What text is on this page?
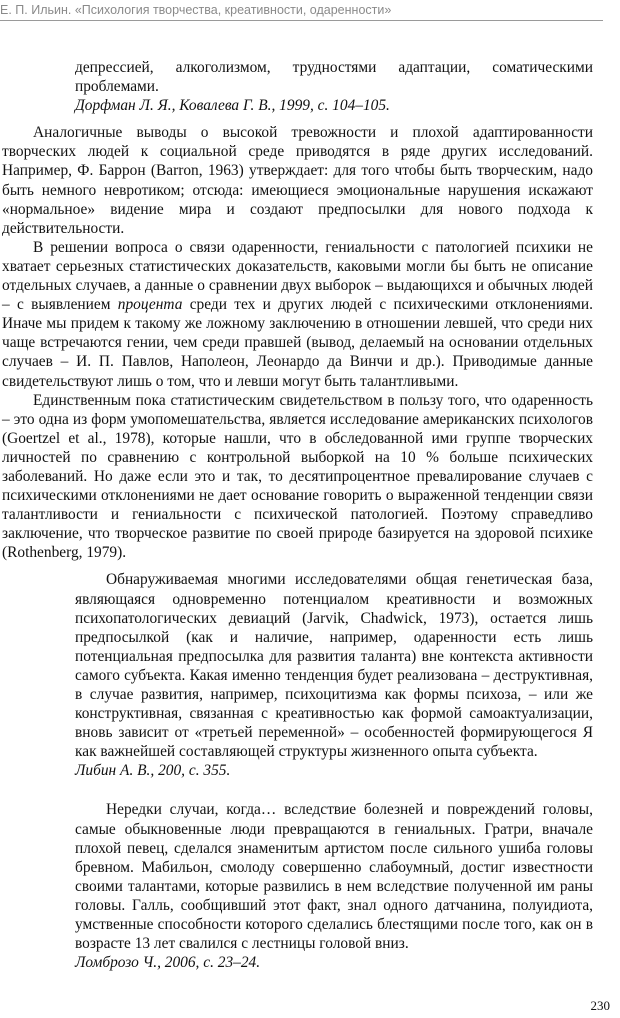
Е. П. Ильин. «Психология творчества, креативности, одаренности»

депрессией, алкоголизмом, трудностями адаптации, соматическими проблемами.

Дорфман Л. Я., Ковалева Г. В., 1999, с. 104–105.

Аналогичные выводы о высокой тревожности и плохой адаптированности творческих людей к социальной среде приводятся в ряде других исследований. Например, Ф. Баррон (Barron, 1963) утверждает: для того чтобы быть творческим, надо быть немного невротиком; отсюда: имеющиеся эмоциональные нарушения искажают «нормальное» видение мира и создают предпосылки для нового подхода к действительности.

В решении вопроса о связи одаренности, гениальности с патологией психики не хватает серьезных статистических доказательств, каковыми могли бы быть не описание отдельных случаев, а данные о сравнении двух выборок – выдающихся и обычных людей – с выявлением процента среди тех и других людей с психическими отклонениями. Иначе мы придем к такому же ложному заключению в отношении левшей, что среди них чаще встречаются гении, чем среди правшей (вывод, делаемый на основании отдельных случаев – И. П. Павлов, Наполеон, Леонардо да Винчи и др.). Приводимые данные свидетельствуют лишь о том, что и левши могут быть талантливыми.

Единственным пока статистическим свидетельством в пользу того, что одаренность – это одна из форм умопомешательства, является исследование американских психологов (Goertzel et al., 1978), которые нашли, что в обследованной ими группе творческих личностей по сравнению с контрольной выборкой на 10 % больше психических заболеваний. Но даже если это и так, то десятипроцентное превалирование случаев с психическими отклонениями не дает основание говорить о выраженной тенденции связи талантливости и гениальности с психической патологией. Поэтому справедливо заключение, что творческое развитие по своей природе базируется на здоровой психике (Rothenberg, 1979).

Обнаруживаемая многими исследователями общая генетическая база, являющаяся одновременно потенциалом креативности и возможных психопатологических девиаций (Jarvik, Chadwick, 1973), остается лишь предпосылкой (как и наличие, например, одаренности есть лишь потенциальная предпосылка для развития таланта) вне контекста активности самого субъекта. Какая именно тенденция будет реализована – деструктивная, в случае развития, например, психоцитизма как формы психоза, – или же конструктивная, связанная с креативностью как формой самоактуализации, вновь зависит от «третьей переменной» – особенностей формирующегося Я как важнейшей составляющей структуры жизненного опыта субъекта.

Либин А. В., 200, с. 355.

Нередки случаи, когда… вследствие болезней и повреждений головы, самые обыкновенные люди превращаются в гениальных. Гратри, вначале плохой певец, сделался знаменитым артистом после сильного ушиба головы бревном. Мабильон, смолоду совершенно слабоумный, достиг известности своими талантами, которые развились в нем вследствие полученной им раны головы. Галль, сообщивший этот факт, знал одного датчанина, полуидиота, умственные способности которого сделались блестящими после того, как он в возрасте 13 лет свалился с лестницы головой вниз.

Ломброзо Ч., 2006, с. 23–24.

230
